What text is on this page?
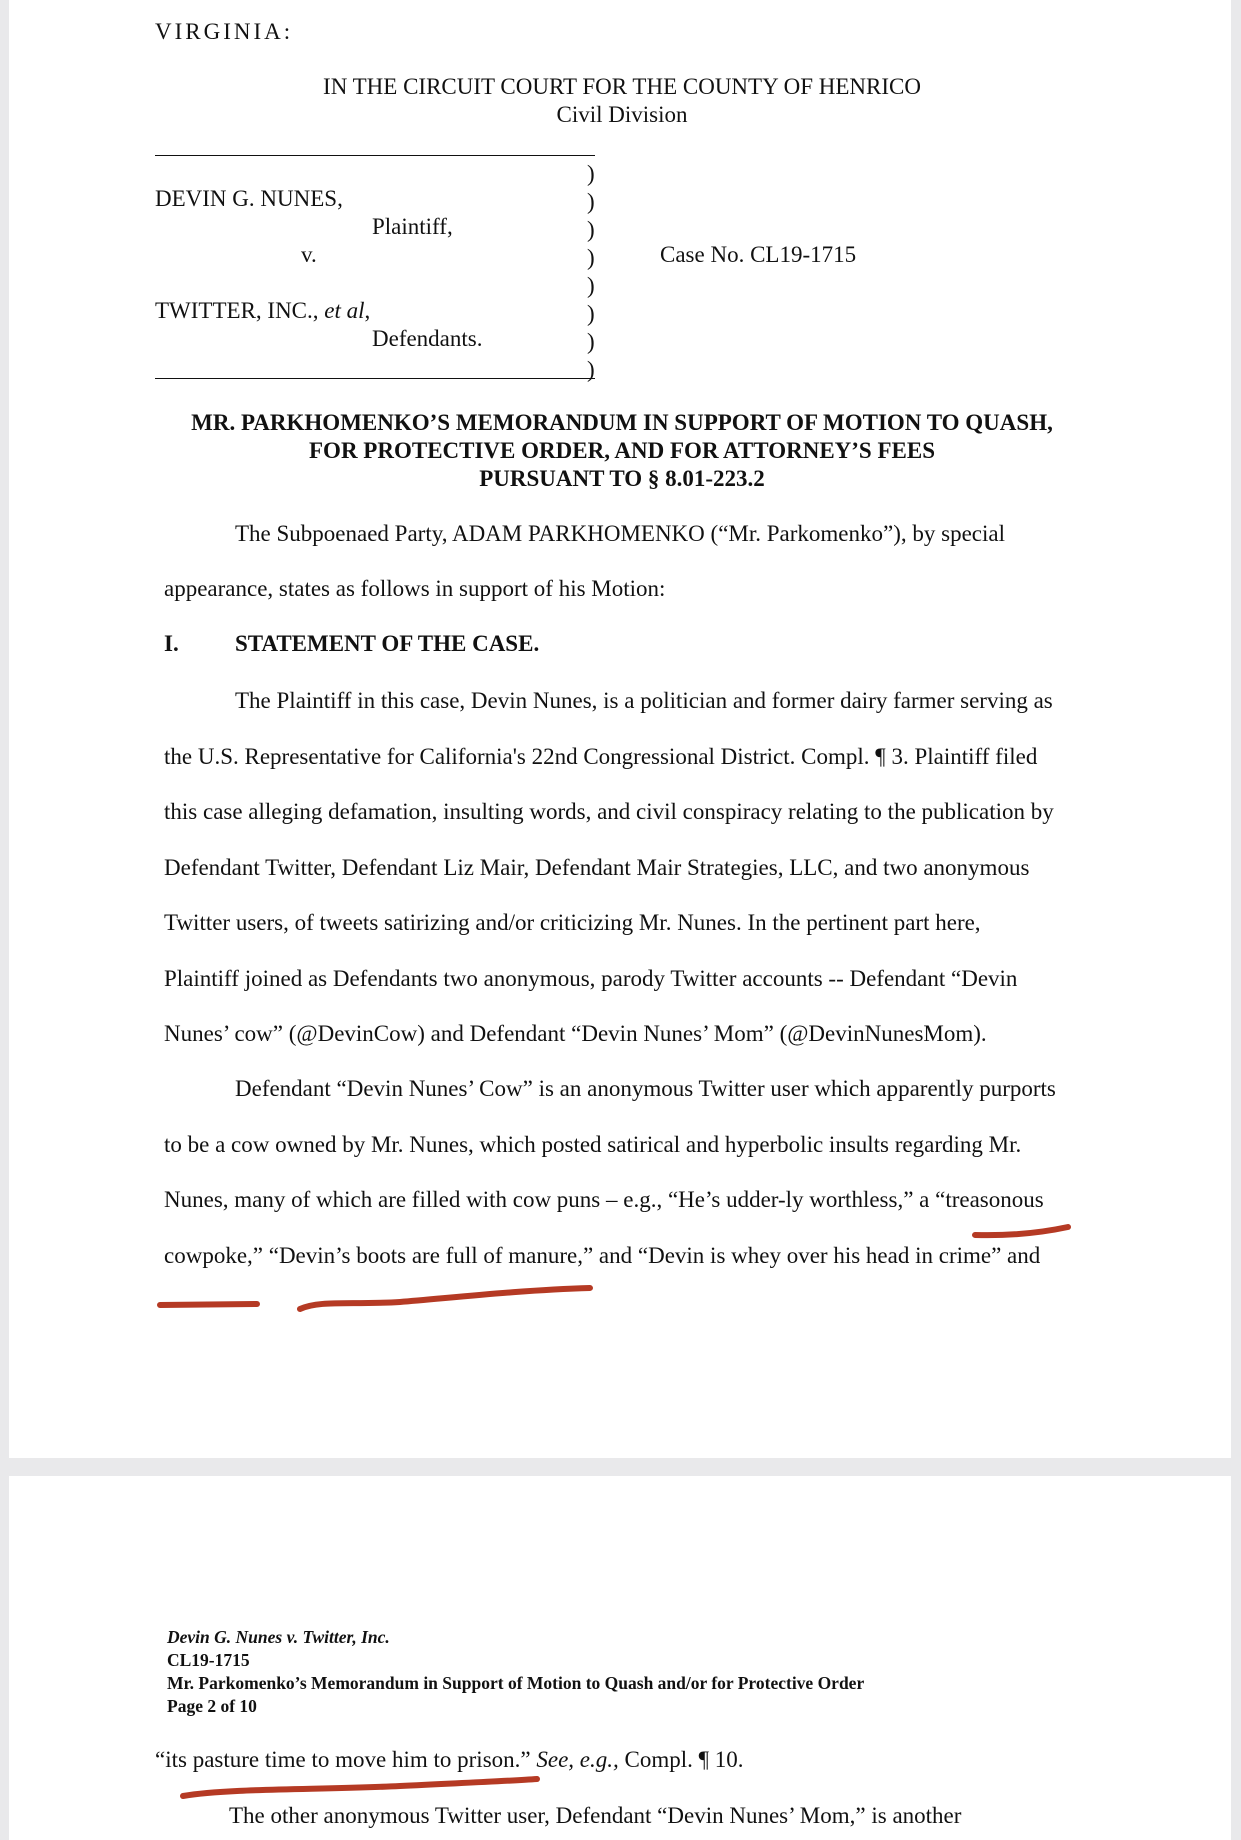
VIRGINIA:
IN THE CIRCUIT COURT FOR THE COUNTY OF HENRICO
Civil Division
DEVIN G. NUNES,
Plaintiff,
v.
TWITTER, INC., et al,
Defendants.
)
)
)
)
)
)
)
)
Case No. CL19-1715
MR. PARKHOMENKO’S MEMORANDUM IN SUPPORT OF MOTION TO QUASH,
FOR PROTECTIVE ORDER, AND FOR ATTORNEY’S FEES
PURSUANT TO § 8.01-223.2
The Subpoenaed Party, ADAM PARKHOMENKO (“Mr. Parkomenko”), by special
appearance, states as follows in support of his Motion:
I. STATEMENT OF THE CASE.
The Plaintiff in this case, Devin Nunes, is a politician and former dairy farmer serving as
the U.S. Representative for California's 22nd Congressional District. Compl. ¶ 3. Plaintiff filed
this case alleging defamation, insulting words, and civil conspiracy relating to the publication by
Defendant Twitter, Defendant Liz Mair, Defendant Mair Strategies, LLC, and two anonymous
Twitter users, of tweets satirizing and/or criticizing Mr. Nunes. In the pertinent part here,
Plaintiff joined as Defendants two anonymous, parody Twitter accounts -- Defendant “Devin
Nunes’ cow” (@DevinCow) and Defendant “Devin Nunes’ Mom” (@DevinNunesMom).
Defendant “Devin Nunes’ Cow” is an anonymous Twitter user which apparently purports
to be a cow owned by Mr. Nunes, which posted satirical and hyperbolic insults regarding Mr.
Nunes, many of which are filled with cow puns – e.g., “He’s udder-ly worthless,” a “treasonous
cowpoke,” “Devin’s boots are full of manure,” and “Devin is whey over his head in crime” and
Devin G. Nunes v. Twitter, Inc.
CL19-1715
Mr. Parkomenko’s Memorandum in Support of Motion to Quash and/or for Protective Order
Page 2 of 10
“its pasture time to move him to prison.” See, e.g., Compl. ¶ 10.
The other anonymous Twitter user, Defendant “Devin Nunes’ Mom,” is another
